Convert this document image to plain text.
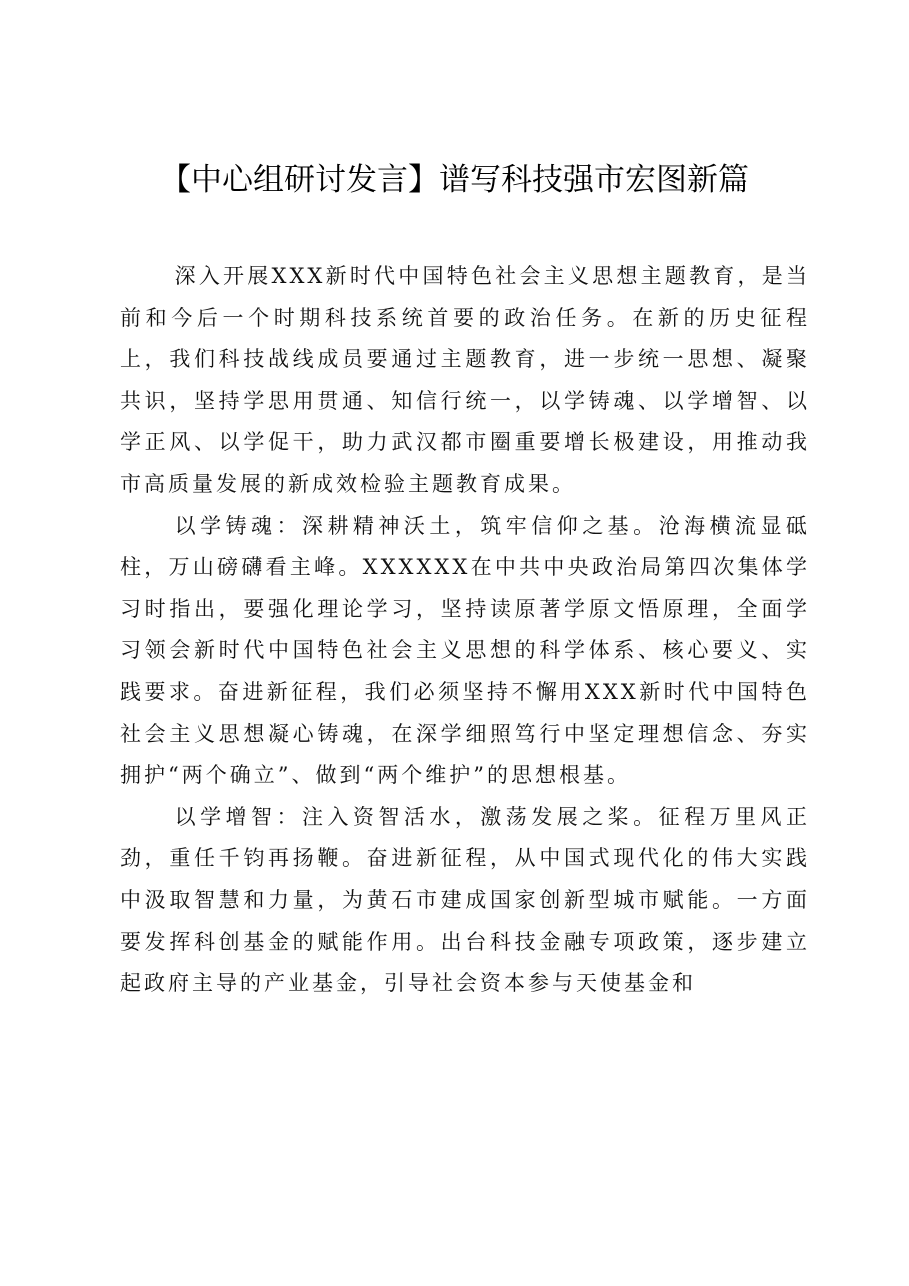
【中心组研讨发言】谱写科技强市宏图新篇

深入开展XXX新时代中国特色社会主义思想主题教育，是当前和今后一个时期科技系统首要的政治任务。在新的历史征程上，我们科技战线成员要通过主题教育，进一步统一思想、凝聚共识，坚持学思用贯通、知信行统一，以学铸魂、以学增智、以学正风、以学促干，助力武汉都市圈重要增长极建设，用推动我市高质量发展的新成效检验主题教育成果。

以学铸魂：深耕精神沃土，筑牢信仰之基。沧海横流显砥柱，万山磅礴看主峰。XXXXXX在中共中央政治局第四次集体学习时指出，要强化理论学习，坚持读原著学原文悟原理，全面学习领会新时代中国特色社会主义思想的科学体系、核心要义、实践要求。奋进新征程，我们必须坚持不懈用XXX新时代中国特色社会主义思想凝心铸魂，在深学细照笃行中坚定理想信念、夯实拥护“两个确立”、做到“两个维护”的思想根基。

以学增智：注入资智活水，激荡发展之桨。征程万里风正劲，重任千钧再扬鞭。奋进新征程，从中国式现代化的伟大实践中汲取智慧和力量，为黄石市建成国家创新型城市赋能。一方面要发挥科创基金的赋能作用。出台科技金融专项政策，逐步建立起政府主导的产业基金，引导社会资本参与天使基金和
